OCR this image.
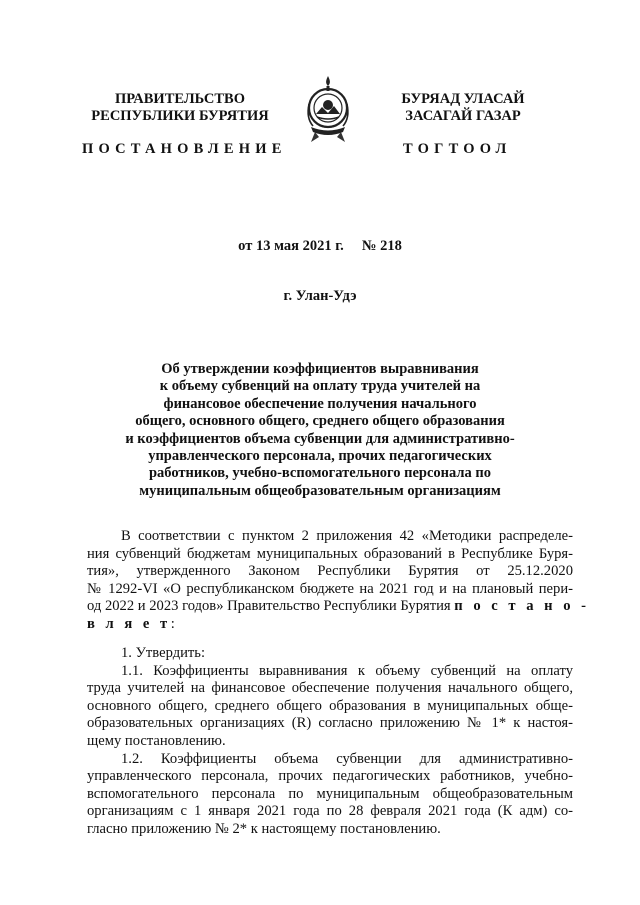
ПРАВИТЕЛЬСТВО
РЕСПУБЛИКИ БУРЯТИЯ
БУРЯАД УЛАСАЙ
ЗАСАГАЙ ГАЗАР
ПОСТАНОВЛЕНИЕ	ТОГТООЛ
от 13 мая 2021 г. № 218
г. Улан-Удэ
Об утверждении коэффициентов выравнивания
к объему субвенций на оплату труда учителей на
финансовое обеспечение получения начального
общего, основного общего, среднего общего образования
и коэффициентов объема субвенции для административно-
управленческого персонала, прочих педагогических
работников, учебно-вспомогательного персонала по
муниципальным общеобразовательным организациям
В соответствии с пунктом 2 приложения 42 «Методики распределе-
ния субвенций бюджетам муниципальных образований в Республике Буря-
тия», утвержденного Законом Республики Бурятия от 25.12.2020
№ 1292-VI «О республиканском бюджете на 2021 год и на плановый пери-
од 2022 и 2023 годов» Правительство Республики Бурятия п о с т а н о -
в л я е т:
1. Утвердить:
1.1. Коэффициенты выравнивания к объему субвенций на оплату
труда учителей на финансовое обеспечение получения начального общего,
основного общего, среднего общего образования в муниципальных обще-
образовательных организациях (R) согласно приложению № 1* к настоя-
щему постановлению.
1.2. Коэффициенты объема субвенции для административно-
управленческого персонала, прочих педагогических работников, учебно-
вспомогательного персонала по муниципальным общеобразовательным
организациям с 1 января 2021 года по 28 февраля 2021 года (К адм) со-
гласно приложению № 2* к настоящему постановлению.
